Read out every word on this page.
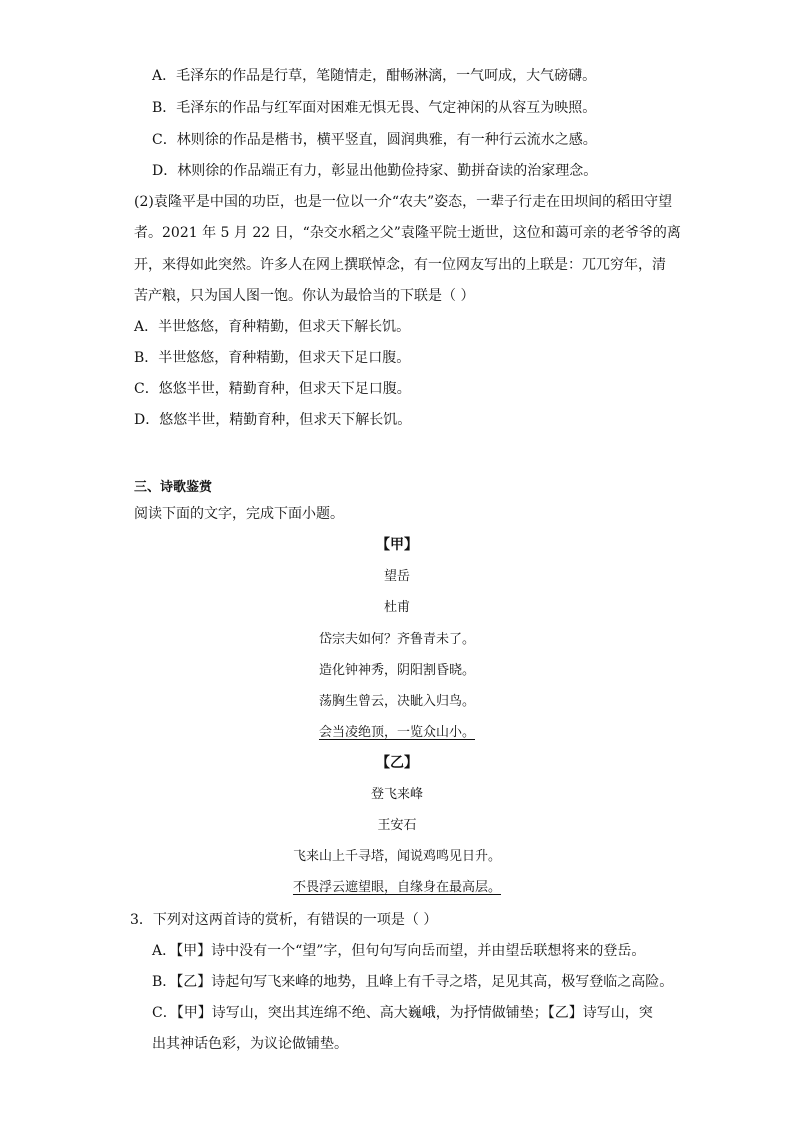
A．毛泽东的作品是行草，笔随情走，酣畅淋漓，一气呵成，大气磅礴。
B．毛泽东的作品与红军面对困难无惧无畏、气定神闲的从容互为映照。
C．林则徐的作品是楷书，横平竖直，圆润典雅，有一种行云流水之感。
D．林则徐的作品端正有力，彰显出他勤俭持家、勤拼奋读的治家理念。
(2)袁隆平是中国的功臣，也是一位以一介“农夫”姿态，一辈子行走在田坝间的稻田守望
者。2021 年 5 月 22 日，“杂交水稻之父”袁隆平院士逝世，这位和蔼可亲的老爷爷的离
开，来得如此突然。许多人在网上撰联悼念，有一位网友写出的上联是：兀兀穷年，清
苦产粮，只为国人图一饱。你认为最恰当的下联是（ ）
A．半世悠悠，育种精勤，但求天下解长饥。
B．半世悠悠，育种精勤，但求天下足口腹。
C．悠悠半世，精勤育种，但求天下足口腹。
D．悠悠半世，精勤育种，但求天下解长饥。
三、诗歌鉴赏
阅读下面的文字，完成下面小题。
【甲】
望岳
杜甫
岱宗夫如何？齐鲁青未了。
造化钟神秀，阴阳割昏晓。
荡胸生曾云，决眦入归鸟。
会当凌绝顶，一览众山小。
【乙】
登飞来峰
王安石
飞来山上千寻塔，闻说鸡鸣见日升。
不畏浮云遮望眼，自缘身在最高层。
3．下列对这两首诗的赏析，有错误的一项是（ ）
A．【甲】诗中没有一个“望”字，但句句写向岳而望，并由望岳联想将来的登岳。
B．【乙】诗起句写飞来峰的地势，且峰上有千寻之塔，足见其高，极写登临之高险。
C．【甲】诗写山，突出其连绵不绝、高大巍峨，为抒情做铺垫；【乙】诗写山，突
出其神话色彩，为议论做铺垫。
